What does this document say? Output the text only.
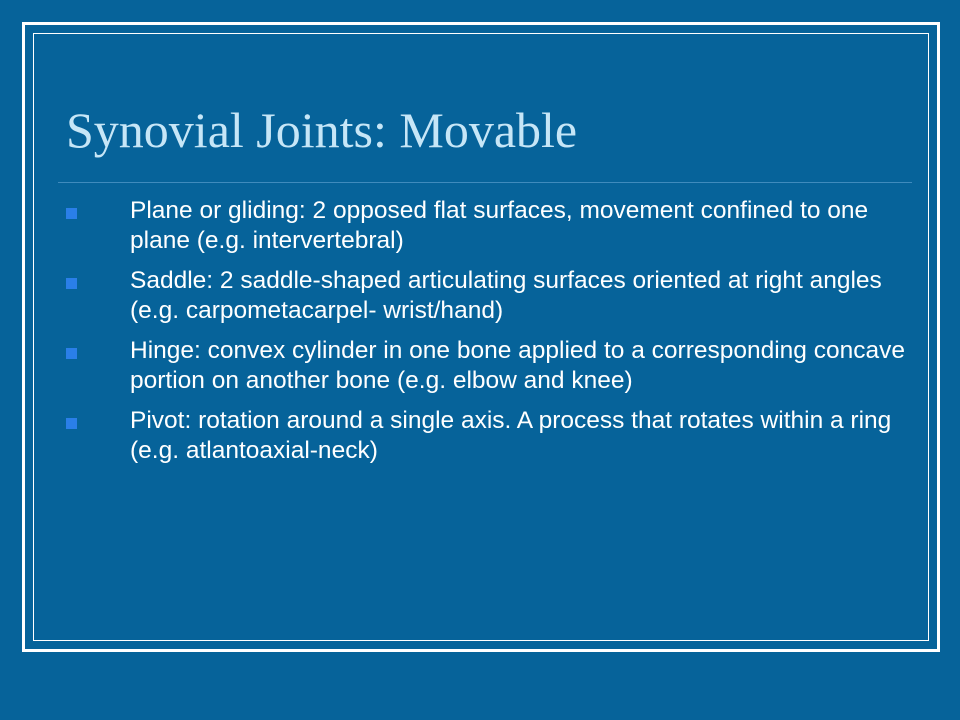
Synovial Joints: Movable
Plane or gliding: 2 opposed flat surfaces, movement confined to one plane (e.g. intervertebral)
Saddle: 2 saddle-shaped articulating surfaces oriented at right angles (e.g. carpometacarpel- wrist/hand)
Hinge: convex cylinder in one bone applied to a corresponding concave portion on another bone (e.g. elbow and knee)
Pivot: rotation around a single axis. A process that rotates within a ring (e.g. atlantoaxial-neck)
